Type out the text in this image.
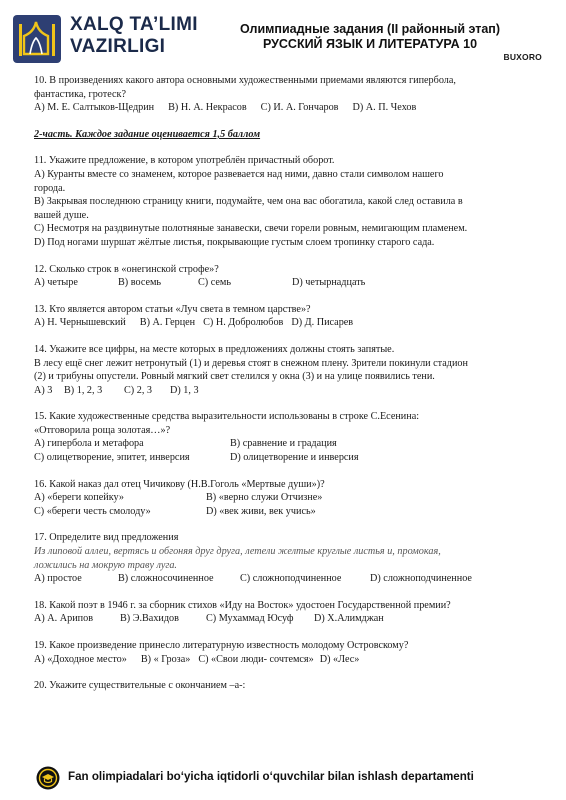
XALQ TA’LIMI
VAZIRLIGI
Олимпиадные задания (II районный этап)
РУССКИЙ ЯЗЫК И ЛИТЕРАТУРА 10
BUXORO
10. В произведениях какого автора основными художественными приемами являются гипербола,
фантастика, гротеск?
А) М. Е. Салтыков-Щедрин В) Н. А. Некрасов С) И. А. Гончаров D) А. П. Чехов
2-часть. Каждое задание оценивается 1,5 баллом
11. Укажите предложение, в котором употреблён причастный оборот.
А) Куранты вместе со знаменем, которое развевается над ними, давно стали символом нашего
города.
В) Закрывая последнюю страницу книги, подумайте, чем она вас обогатила, какой след оставила в
вашей душе.
С) Несмотря на раздвинутые полотняные занавески, свечи горели ровным, немигающим пламенем.
D) Под ногами шуршат жёлтые листья, покрывающие густым слоем тропинку старого сада.
12. Сколько строк в «онегинской строфе»?
А) четыре	В) восемь	С) семь	D) четырнадцать
13. Кто является автором статьи «Луч света в темном царстве»?
А) Н. Чернышевский В) А. Герцен С) Н. Добролюбов D) Д. Писарев
14. Укажите все цифры, на месте которых в предложениях должны стоять запятые.
В лесу ещё снег лежит нетронутый (1) и деревья стоят в снежном плену. Зрители покинули стадион
(2) и трибуны опустели. Ровный мягкий свет стелился у окна (3) и на улице появились тени.
А) 3 В) 1, 2, 3 С) 2, 3 D) 1, 3
15. Какие художественные средства выразительности использованы в строке С.Есенина:
«Отговорила роща золотая…»?
А) гипербола и метафора	В) сравнение и градация
С) олицетворение, эпитет, инверсия	D) олицетворение и инверсия
16. Какой наказ дал отец Чичикову (Н.В.Гоголь «Мертвые души»)?
А) «береги копейку»	В) «верно служи Отчизне»
С) «береги честь смолоду»	D) «век живи, век учись»
17. Определите вид предложения
Из липовой аллеи, вертясь и обгоняя друг друга, летели желтые круглые листья и, промокая,
ложились на мокрую траву луга.
А) простое	В) сложносочиненное	С) сложноподчиненное	D) сложноподчиненное
18. Какой поэт в 1946 г. за сборник стихов «Иду на Восток» удостоен Государственной премии?
А) А. Арипов	В) Э.Вахидов	С) Мухаммад Юсуф D) Х.Алимджан
19. Какое произведение принесло литературную известность молодому Островскому?
А) «Доходное место» В) « Гроза» С) «Свои люди- сочтемся» D) «Лес»
20. Укажите существительные с окончанием –а-:
Fan olimpiadalari bo‘yicha iqtidorli o‘quvchilar bilan ishlash departamenti
